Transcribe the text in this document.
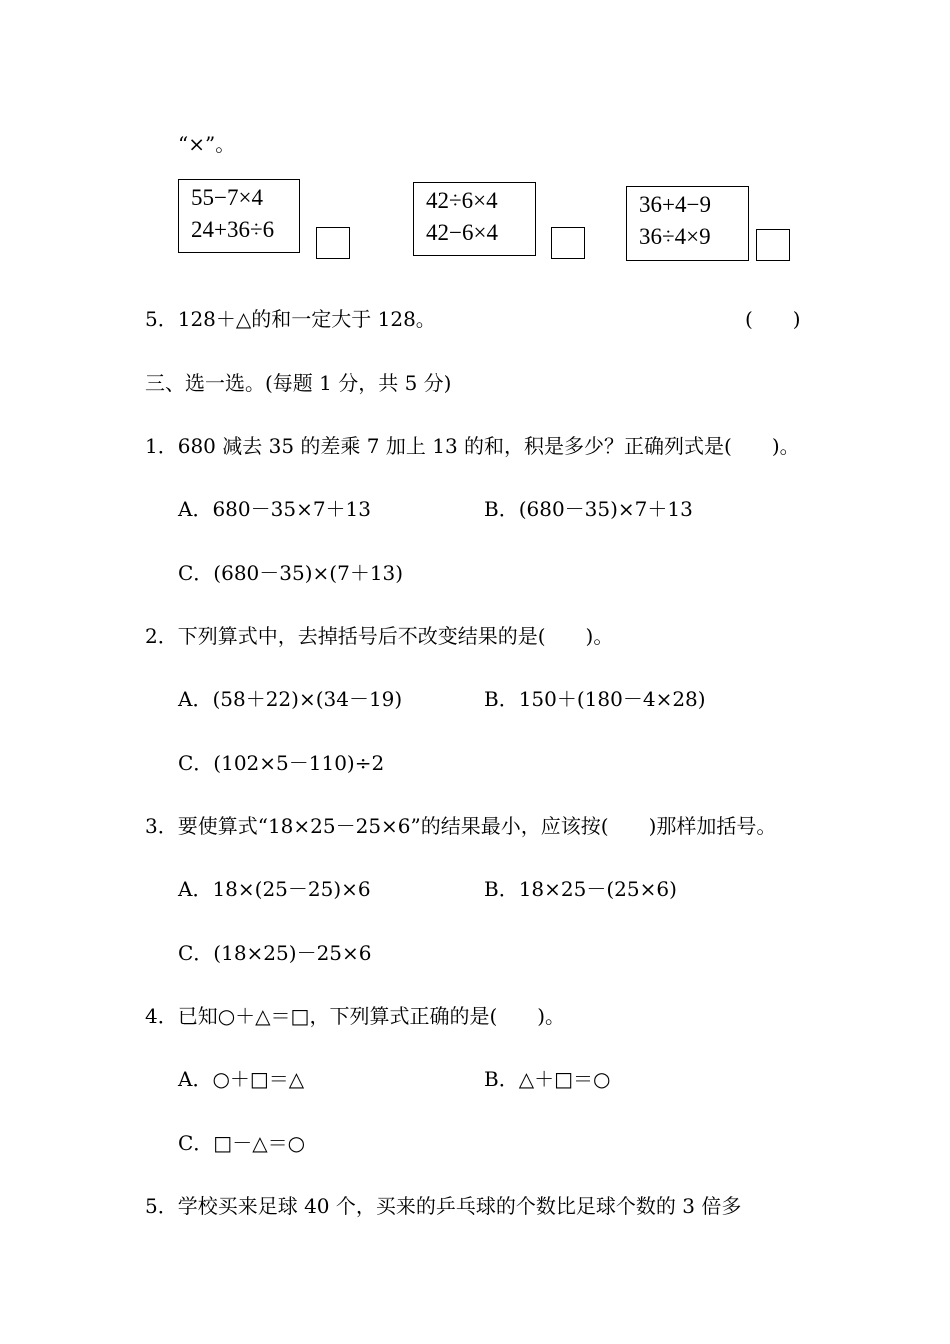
“×”。
55−7×4
24+36÷6
42÷6×4
42−6×4
36+4−9
36÷4×9
5．128＋△的和一定大于 128。	(　　)
三、选一选。(每题 1 分，共 5 分)
1．680 减去 35 的差乘 7 加上 13 的和，积是多少？正确列式是(　　)。
A．680－35×7＋13	B．(680－35)×7＋13
C．(680－35)×(7＋13)
2．下列算式中，去掉括号后不改变结果的是(　　)。
A．(58＋22)×(34－19)	B．150＋(180－4×28)
C．(102×5－110)÷2
3．要使算式“18×25－25×6”的结果最小，应该按(　　)那样加括号。
A．18×(25－25)×6	B．18×25－(25×6)
C．(18×25)－25×6
4．已知○＋△＝□，下列算式正确的是(　　)。
A．○＋□＝△	B．△＋□＝○
C．□－△＝○
5．学校买来足球 40 个，买来的乒乓球的个数比足球个数的 3 倍多
